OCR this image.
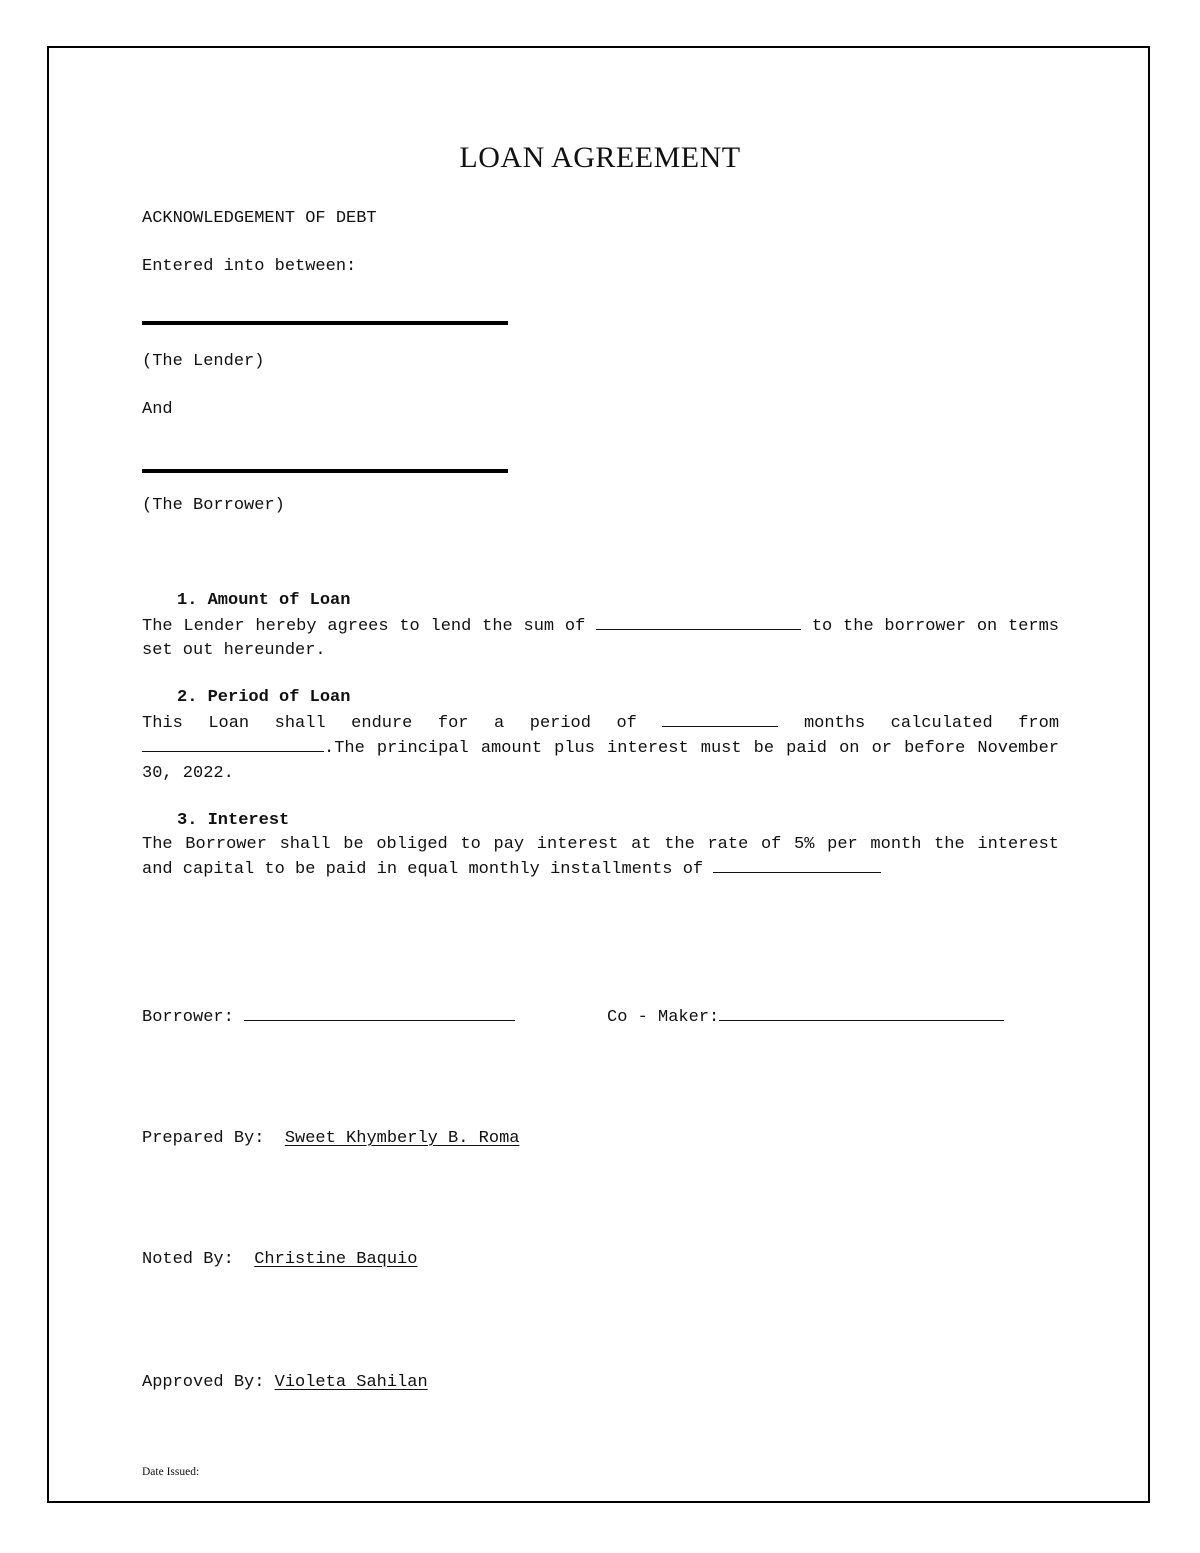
LOAN AGREEMENT
ACKNOWLEDGEMENT OF DEBT
Entered into between:
(The Lender)
And
(The Borrower)
1. Amount of Loan
The Lender hereby agrees to lend the sum of	to the borrower on terms set out hereunder.
2. Period of Loan
This Loan shall endure for a period of	months calculated from .The principal amount plus interest must be paid on or before November 30, 2022.
3. Interest
The Borrower shall be obliged to pay interest at the rate of 5% per month the interest and capital to be paid in equal monthly installments of
Borrower:	Co - Maker:
Prepared By: Sweet Khymberly B. Roma
Noted By: Christine Baquio
Approved By: Violeta Sahilan
Date Issued:
